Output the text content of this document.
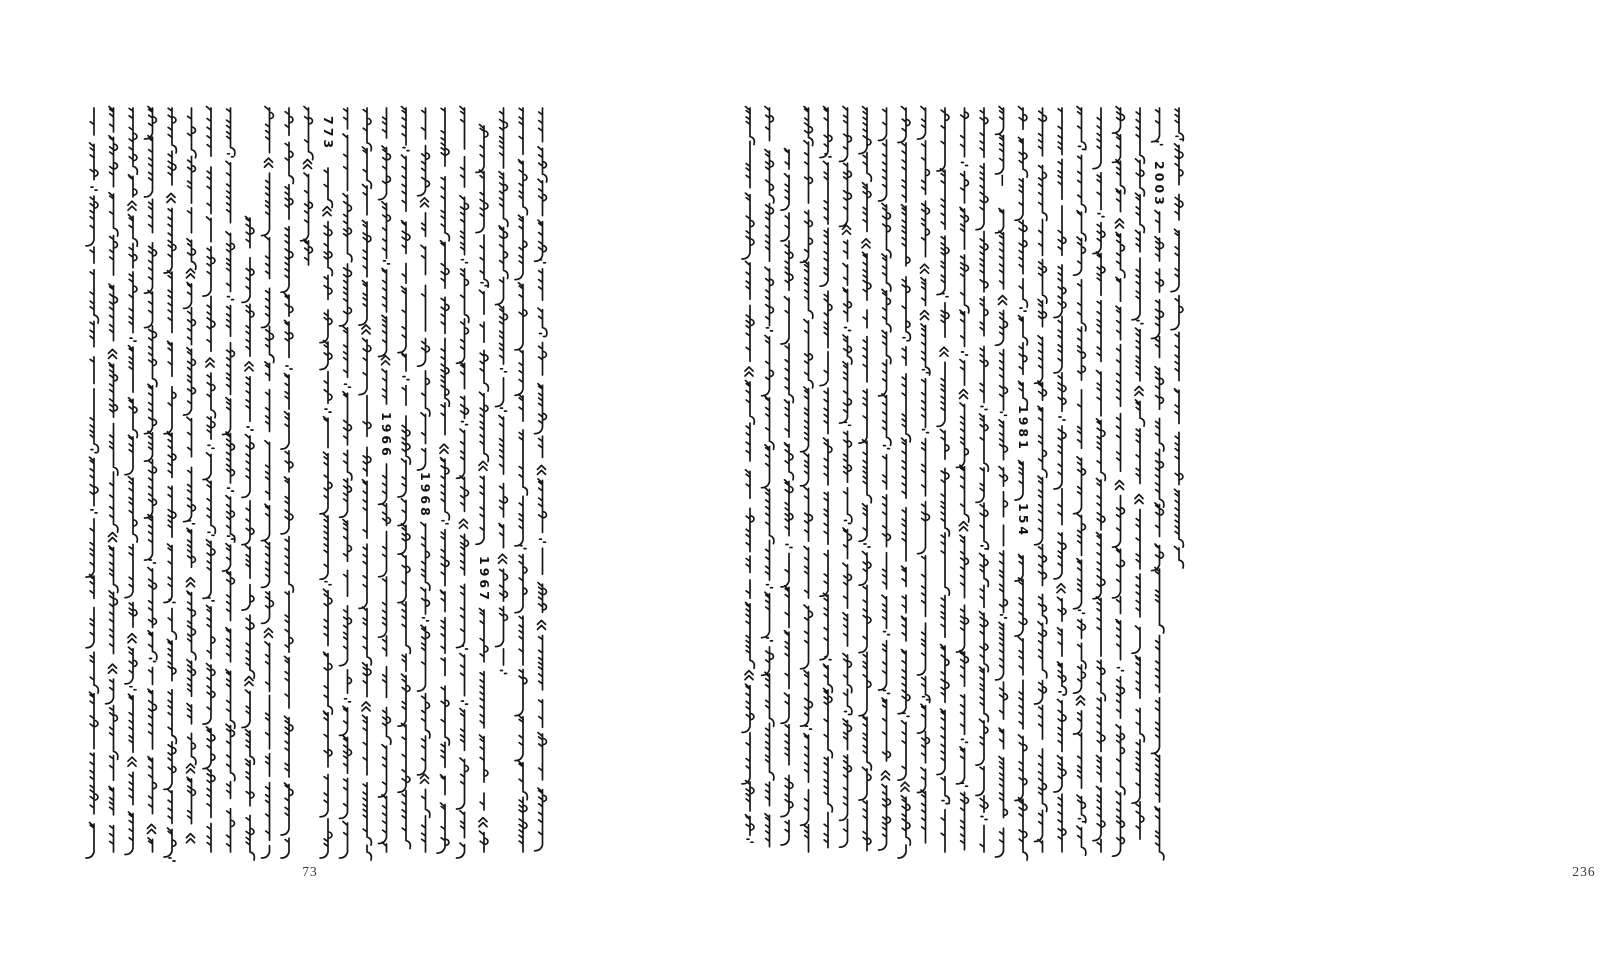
773
1966
1968
1967
73
2003
—
1981
154
236
